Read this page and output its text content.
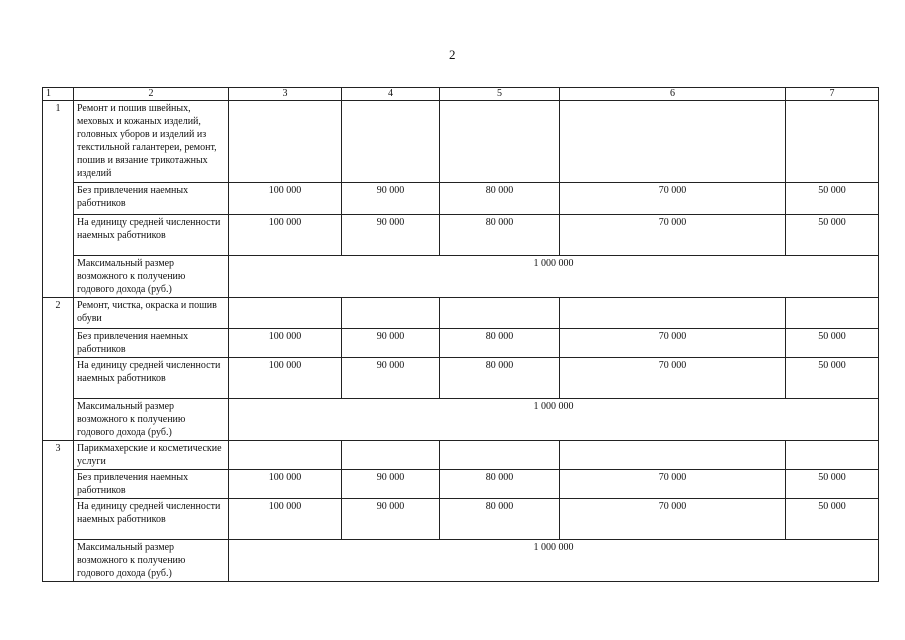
2
1	2	3	4	5	6	7
1	Ремонт и пошив швейных, меховых и кожаных изделий, головных уборов и изделий из текстильной галантереи, ремонт, пошив и вязание трикотажных изделий					
	Без привлечения наемных работников	100 000	90 000	80 000	70 000	50 000
	На единицу средней численности наемных работников	100 000	90 000	80 000	70 000	50 000
	Максимальный размер возможного к получению годового дохода (руб.)	1 000 000				
2	Ремонт, чистка, окраска и пошив обуви					
	Без привлечения наемных работников	100 000	90 000	80 000	70 000	50 000
	На единицу средней численности наемных работников	100 000	90 000	80 000	70 000	50 000
	Максимальный размер возможного к получению годового дохода (руб.)	1 000 000				
3	Парикмахерские и косметические услуги					
	Без привлечения наемных работников	100 000	90 000	80 000	70 000	50 000
	На единицу средней численности наемных работников	100 000	90 000	80 000	70 000	50 000
	Максимальный размер возможного к получению годового дохода (руб.)	1 000 000				
